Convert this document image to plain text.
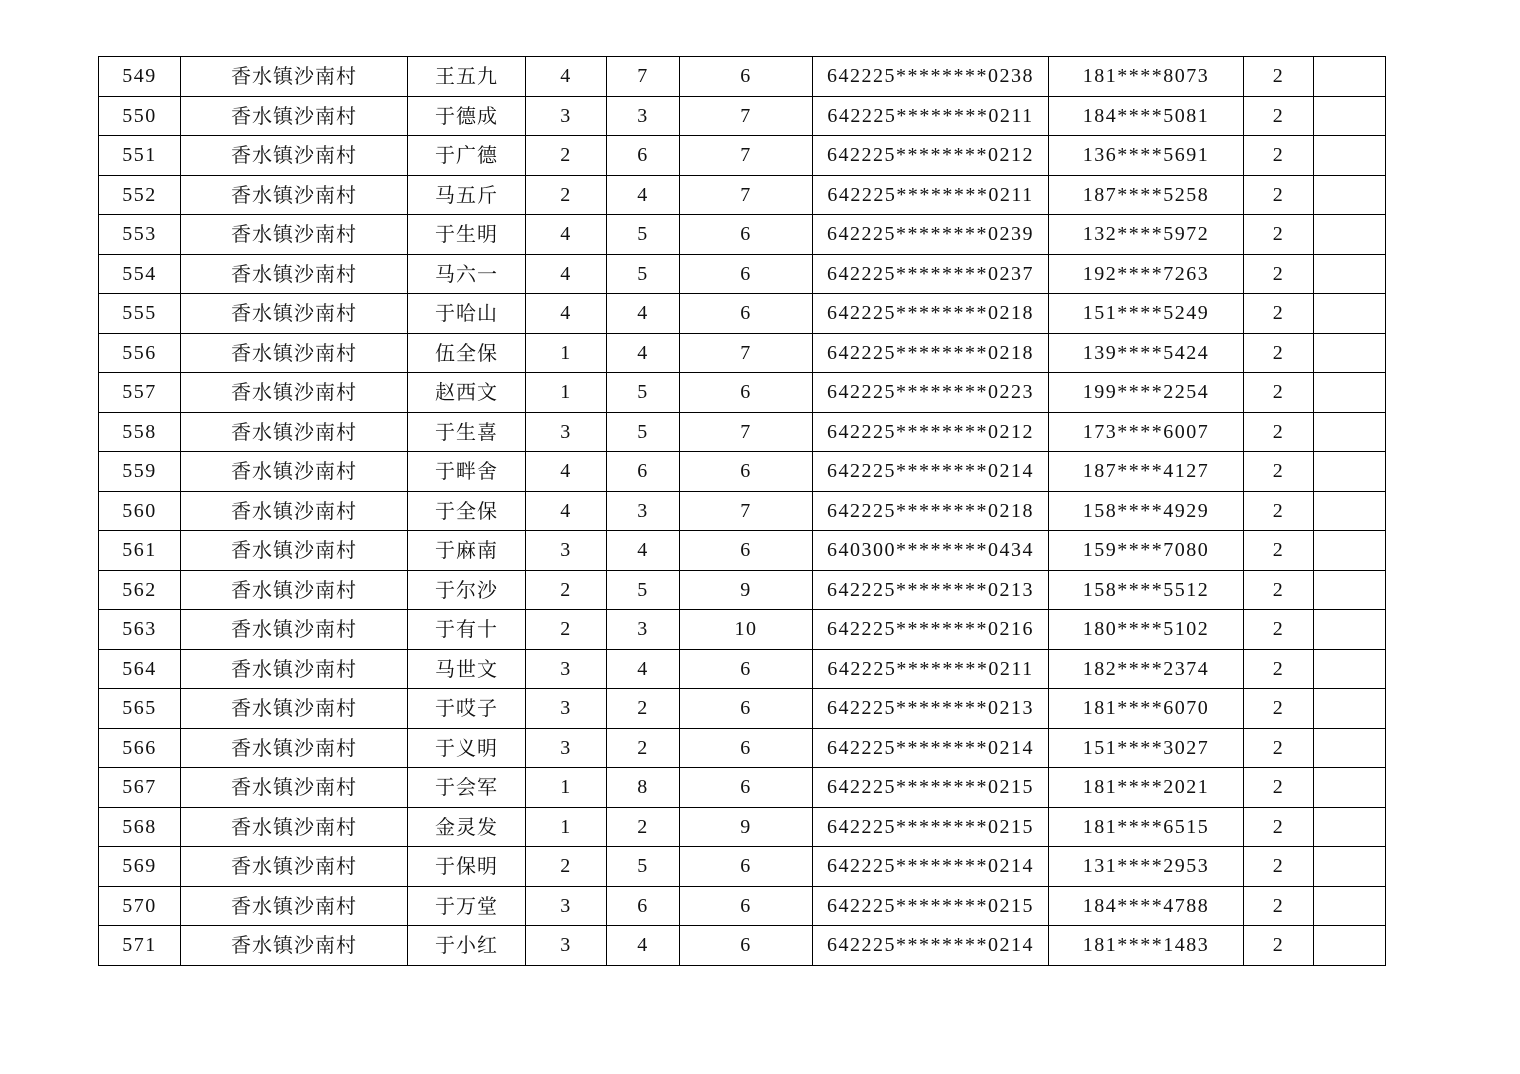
549	香水镇沙南村	王五九	4	7	6	642225********0238	181****8073	2	
550	香水镇沙南村	于德成	3	3	7	642225********0211	184****5081	2	
551	香水镇沙南村	于广德	2	6	7	642225********0212	136****5691	2	
552	香水镇沙南村	马五斤	2	4	7	642225********0211	187****5258	2	
553	香水镇沙南村	于生明	4	5	6	642225********0239	132****5972	2	
554	香水镇沙南村	马六一	4	5	6	642225********0237	192****7263	2	
555	香水镇沙南村	于哈山	4	4	6	642225********0218	151****5249	2	
556	香水镇沙南村	伍全保	1	4	7	642225********0218	139****5424	2	
557	香水镇沙南村	赵西文	1	5	6	642225********0223	199****2254	2	
558	香水镇沙南村	于生喜	3	5	7	642225********0212	173****6007	2	
559	香水镇沙南村	于畔舍	4	6	6	642225********0214	187****4127	2	
560	香水镇沙南村	于全保	4	3	7	642225********0218	158****4929	2	
561	香水镇沙南村	于麻南	3	4	6	640300********0434	159****7080	2	
562	香水镇沙南村	于尔沙	2	5	9	642225********0213	158****5512	2	
563	香水镇沙南村	于有十	2	3	10	642225********0216	180****5102	2	
564	香水镇沙南村	马世文	3	4	6	642225********0211	182****2374	2	
565	香水镇沙南村	于哎子	3	2	6	642225********0213	181****6070	2	
566	香水镇沙南村	于义明	3	2	6	642225********0214	151****3027	2	
567	香水镇沙南村	于会军	1	8	6	642225********0215	181****2021	2	
568	香水镇沙南村	金灵发	1	2	9	642225********0215	181****6515	2	
569	香水镇沙南村	于保明	2	5	6	642225********0214	131****2953	2	
570	香水镇沙南村	于万堂	3	6	6	642225********0215	184****4788	2	
571	香水镇沙南村	于小红	3	4	6	642225********0214	181****1483	2	
